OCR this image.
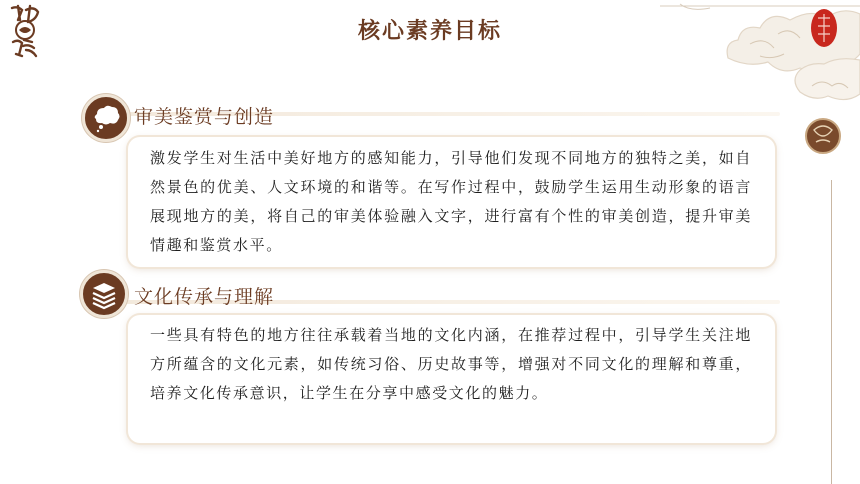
核心素养目标
审美鉴赏与创造
激发学生对生活中美好地方的感知能力，引导他们发现不同地方的独特之美，如自然景色的优美、人文环境的和谐等。在写作过程中，鼓励学生运用生动形象的语言展现地方的美，将自己的审美体验融入文字，进行富有个性的审美创造，提升审美情趣和鉴赏水平。
文化传承与理解
一些具有特色的地方往往承载着当地的文化内涵，在推荐过程中，引导学生关注地方所蕴含的文化元素，如传统习俗、历史故事等，增强对不同文化的理解和尊重，培养文化传承意识，让学生在分享中感受文化的魅力。
